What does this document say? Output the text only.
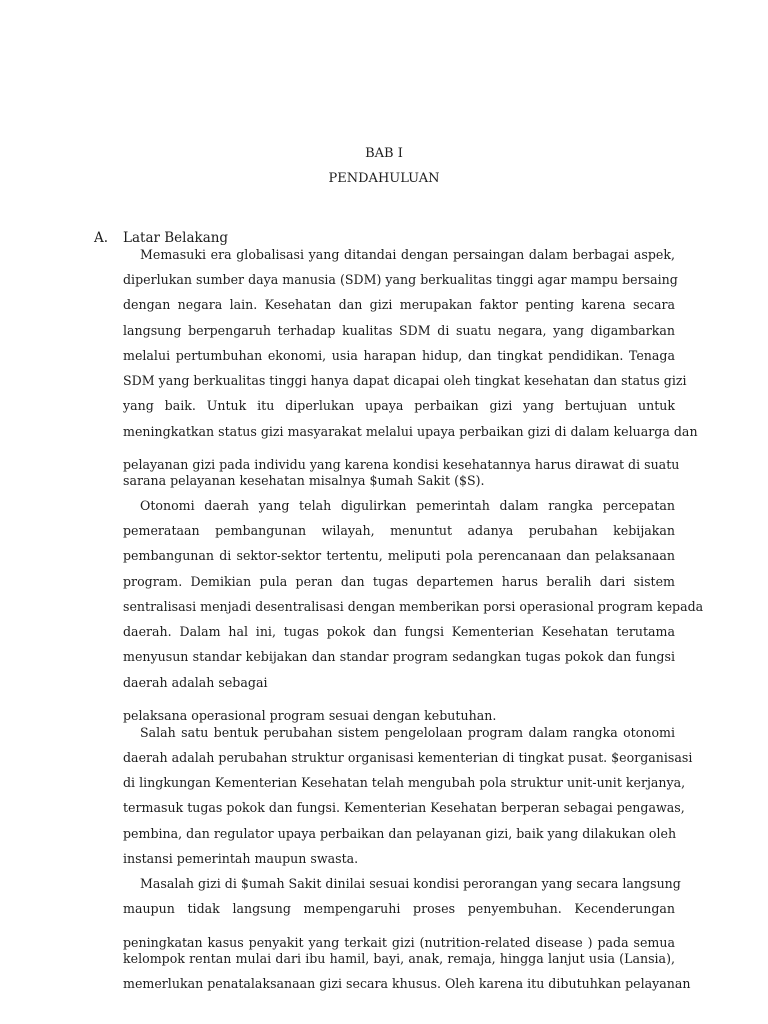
BAB I
PENDAHULUAN
A. Latar Belakang
Memasuki era globalisasi yang ditandai dengan persaingan dalam berbagai aspek,
diperlukan sumber daya manusia (SDM) yang berkualitas tinggi agar mampu bersaing
dengan negara lain. Kesehatan dan gizi merupakan faktor penting karena secara
langsung berpengaruh terhadap kualitas SDM di suatu negara, yang digambarkan
melalui pertumbuhan ekonomi, usia harapan hidup, dan tingkat pendidikan. Tenaga
SDM yang berkualitas tinggi hanya dapat dicapai oleh tingkat kesehatan dan status gizi
yang baik. Untuk itu diperlukan upaya perbaikan gizi yang bertujuan untuk
meningkatkan status gizi masyarakat melalui upaya perbaikan gizi di dalam keluarga dan
pelayanan gizi pada individu yang karena kondisi kesehatannya harus dirawat di suatu
sarana pelayanan kesehatan misalnya $umah Sakit ($S).
Otonomi daerah yang telah digulirkan pemerintah dalam rangka percepatan
pemerataan pembangunan wilayah, menuntut adanya perubahan kebijakan
pembangunan di sektor-sektor tertentu, meliputi pola perencanaan dan pelaksanaan
program. Demikian pula peran dan tugas departemen harus beralih dari sistem
sentralisasi menjadi desentralisasi dengan memberikan porsi operasional program kepada
daerah. Dalam hal ini, tugas pokok dan fungsi Kementerian Kesehatan terutama
menyusun standar kebijakan dan standar program sedangkan tugas pokok dan fungsi
daerah adalah sebagai
pelaksana operasional program sesuai dengan kebutuhan.
Salah satu bentuk perubahan sistem pengelolaan program dalam rangka otonomi
daerah adalah perubahan struktur organisasi kementerian di tingkat pusat. $eorganisasi
di lingkungan Kementerian Kesehatan telah mengubah pola struktur unit-unit kerjanya,
termasuk tugas pokok dan fungsi. Kementerian Kesehatan berperan sebagai pengawas,
pembina, dan regulator upaya perbaikan dan pelayanan gizi, baik yang dilakukan oleh
instansi pemerintah maupun swasta.
Masalah gizi di $umah Sakit dinilai sesuai kondisi perorangan yang secara langsung
maupun tidak langsung mempengaruhi proses penyembuhan. Kecenderungan
peningkatan kasus penyakit yang terkait gizi (nutrition-related disease ) pada semua
kelompok rentan mulai dari ibu hamil, bayi, anak, remaja, hingga lanjut usia (Lansia),
memerlukan penatalaksanaan gizi secara khusus. Oleh karena itu dibutuhkan pelayanan
